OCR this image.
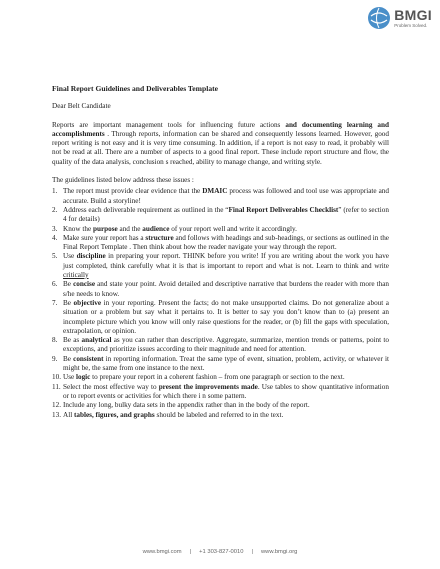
BMGI
Problem Solved.
Final Report Guidelines and Deliverables Template
Dear Belt Candidate

Reports are important management tools for influencing future actions and documenting learning and accomplishments . Through reports, information can be shared and consequently lessons learned. However, good report writing is not easy and it is very time consuming. In addition, if a report is not easy to read, it probably will not be read at all. There are a number of aspects to a good final report. These include report structure and flow, the quality of the data analysis, conclusion s reached, ability to manage change, and writing style.

The guidelines listed below address these issues :
1. The report must provide clear evidence that the DMAIC process was followed and tool use was appropriate and accurate. Build a storyline!
2. Address each deliverable requirement as outlined in the “Final Report Deliverables Checklist” (refer to section 4 for details)
3. Know the purpose and the audience of your report well and write it accordingly.
4. Make sure your report has a structure and follows with headings and sub-headings, or sections as outlined in the Final Report Template . Then think about how the reader navigate your way through the report.
5. Use discipline in preparing your report. THINK before you write! If you are writing about the work you have just completed, think carefully what it is that is important to report and what is not. Learn to think and write critically
6. Be concise and state your point. Avoid detailed and descriptive narrative that burdens the reader with more than s/he needs to know.
7. Be objective in your reporting. Present the facts; do not make unsupported claims. Do not generalize about a situation or a problem but say what it pertains to. It is better to say you don’t know than to (a) present an incomplete picture which you know will only raise questions for the reader, or (b) fill the gaps with speculation, extrapolation, or opinion.
8. Be as analytical as you can rather than descriptive. Aggregate, summarize, mention trends or patterns, point to exceptions, and prioritize issues according to their magnitude and need for attention.
9. Be consistent in reporting information. Treat the same type of event, situation, problem, activity, or whatever it might be, the same from one instance to the next.
10. Use logic to prepare your report in a coherent fashion – from one paragraph or section to the next.
11. Select the most effective way to present the improvements made. Use tables to show quantitative information or to report events or activities for which there i n some pattern.
12. Include any long, bulky data sets in the appendix rather than in the body of the report.
13. All tables, figures, and graphs should be labeled and referred to in the text.
www.bmgi.com | +1 303-827-0010 | www.bmgi.org
